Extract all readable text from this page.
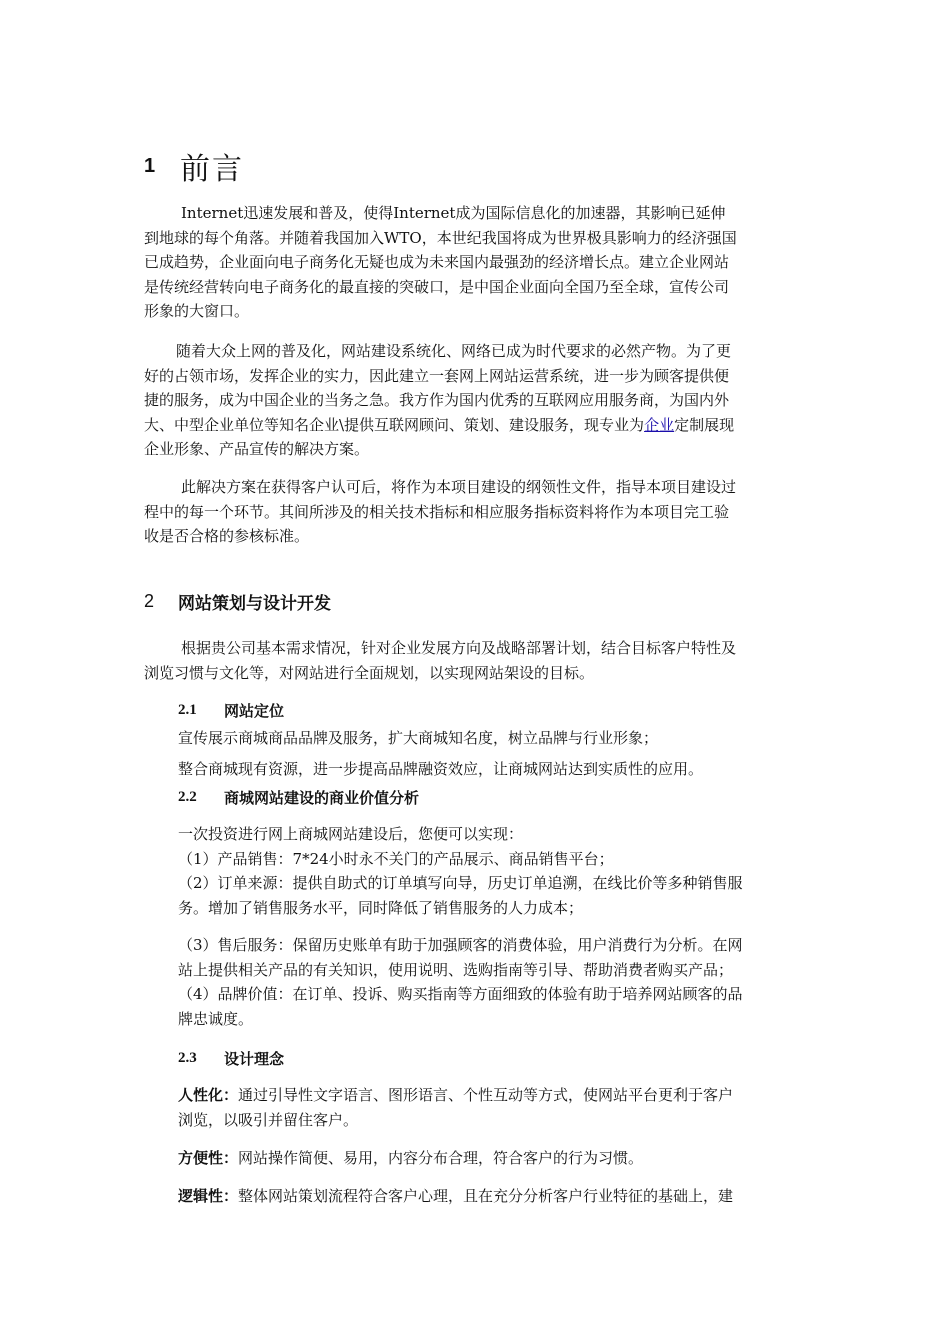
1 前言
Internet迅速发展和普及，使得Internet成为国际信息化的加速器，其影响已延伸
到地球的每个角落。并随着我国加入WTO，本世纪我国将成为世界极具影响力的经济强国
已成趋势，企业面向电子商务化无疑也成为未来国内最强劲的经济增长点。建立企业网站
是传统经营转向电子商务化的最直接的突破口，是中国企业面向全国乃至全球，宣传公司
形象的大窗口。
随着大众上网的普及化，网站建设系统化、网络已成为时代要求的必然产物。为了更
好的占领市场，发挥企业的实力，因此建立一套网上网站运营系统，进一步为顾客提供便
捷的服务，成为中国企业的当务之急。我方作为国内优秀的互联网应用服务商，为国内外
大、中型企业单位等知名企业\提供互联网顾问、策划、建设服务，现专业为企业定制展现
企业形象、产品宣传的解决方案。
此解决方案在获得客户认可后，将作为本项目建设的纲领性文件，指导本项目建设过
程中的每一个环节。其间所涉及的相关技术指标和相应服务指标资料将作为本项目完工验
收是否合格的参核标准。
2	网站策划与设计开发
根据贵公司基本需求情况，针对企业发展方向及战略部署计划，结合目标客户特性及
浏览习惯与文化等，对网站进行全面规划，以实现网站架设的目标。
2.1	网站定位
宣传展示商城商品品牌及服务，扩大商城知名度，树立品牌与行业形象；
整合商城现有资源，进一步提高品牌融资效应，让商城网站达到实质性的应用。
2.2	商城网站建设的商业价值分析
一次投资进行网上商城网站建设后，您便可以实现：
（1）产品销售：7*24小时永不关门的产品展示、商品销售平台；
（2）订单来源：提供自助式的订单填写向导，历史订单追溯，在线比价等多种销售服
务。增加了销售服务水平，同时降低了销售服务的人力成本；
（3）售后服务：保留历史账单有助于加强顾客的消费体验，用户消费行为分析。在网
站上提供相关产品的有关知识，使用说明、选购指南等引导、帮助消费者购买产品；
（4）品牌价值：在订单、投诉、购买指南等方面细致的体验有助于培养网站顾客的品
牌忠诚度。
2.3	设计理念
人性化：通过引导性文字语言、图形语言、个性互动等方式，使网站平台更利于客户
浏览，以吸引并留住客户。
方便性：网站操作简便、易用，内容分布合理，符合客户的行为习惯。
逻辑性：整体网站策划流程符合客户心理，且在充分分析客户行业特征的基础上，建
